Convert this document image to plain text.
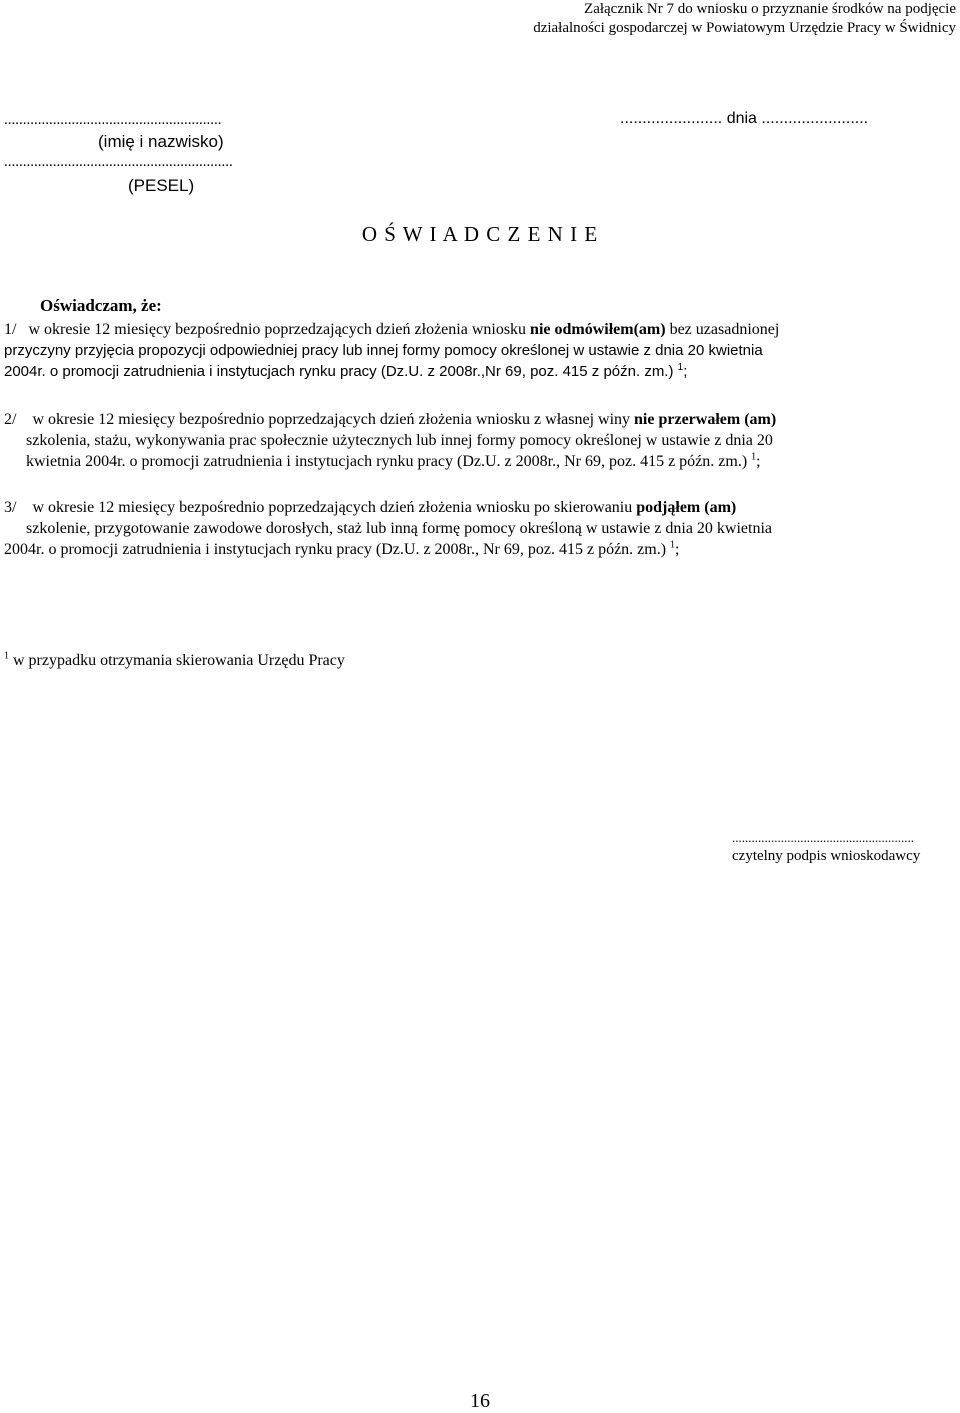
Załącznik Nr 7 do wniosku o przyznanie środków na podjęcie
działalności gospodarczej w Powiatowym Urzędzie Pracy w Świdnicy
..........................................................	....................... dnia ........................
(imię i nazwisko)
.............................................................
(PESEL)
O Ś W I A D C Z E N I E
Oświadczam, że:
1/ w okresie 12 miesięcy bezpośrednio poprzedzających dzień złożenia wniosku nie odmówiłem(am) bez uzasadnionej
przyczyny przyjęcia propozycji odpowiedniej pracy lub innej formy pomocy określonej w ustawie z dnia 20 kwietnia
2004r. o promocji zatrudnienia i instytucjach rynku pracy (Dz.U. z 2008r.,Nr 69, poz. 415 z późn. zm.) $^1$;
2/ w okresie 12 miesięcy bezpośrednio poprzedzających dzień złożenia wniosku z własnej winy nie przerwałem (am)
szkolenia, stażu, wykonywania prac społecznie użytecznych lub innej formy pomocy określonej w ustawie z dnia 20
kwietnia 2004r. o promocji zatrudnienia i instytucjach rynku pracy (Dz.U. z 2008r., Nr 69, poz. 415 z późn. zm.) $^1$;
3/ w okresie 12 miesięcy bezpośrednio poprzedzających dzień złożenia wniosku po skierowaniu podjąłem (am)
szkolenie, przygotowanie zawodowe dorosłych, staż lub inną formę pomocy określoną w ustawie z dnia 20 kwietnia
2004r. o promocji zatrudnienia i instytucjach rynku pracy (Dz.U. z 2008r., Nr 69, poz. 415 z późn. zm.) $^1$;
$^1$ w przypadku otrzymania skierowania Urzędu Pracy
........................................................
czytelny podpis wnioskodawcy
16
